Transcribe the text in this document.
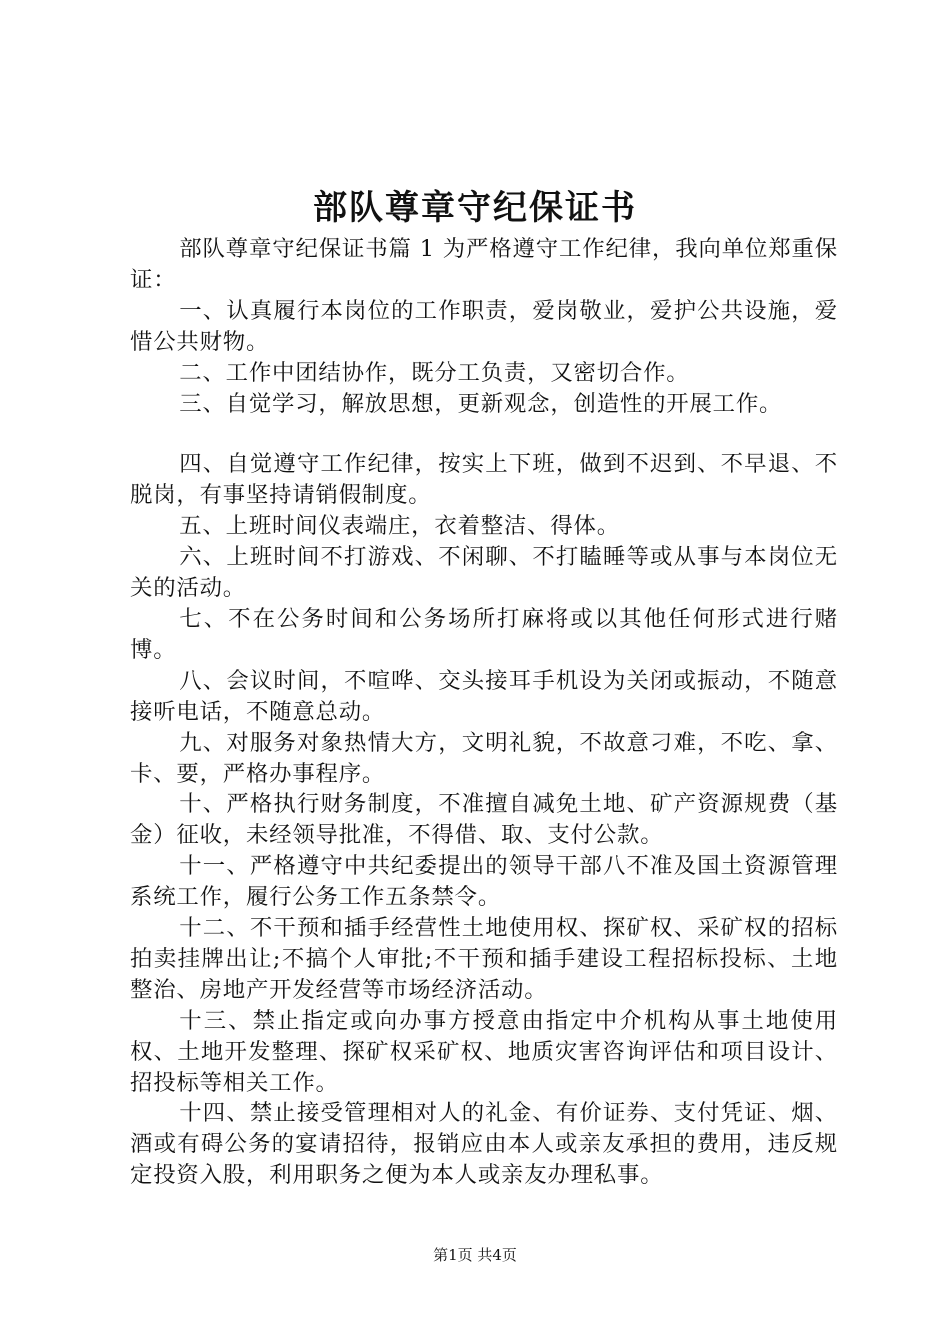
部队尊章守纪保证书

部队尊章守纪保证书篇 1 为严格遵守工作纪律，我向单位郑重保证：

一、认真履行本岗位的工作职责，爱岗敬业，爱护公共设施，爱惜公共财物。

二、工作中团结协作，既分工负责，又密切合作。

三、自觉学习，解放思想，更新观念，创造性的开展工作。

四、自觉遵守工作纪律，按实上下班，做到不迟到、不早退、不脱岗，有事坚持请销假制度。

五、上班时间仪表端庄，衣着整洁、得体。

六、上班时间不打游戏、不闲聊、不打瞌睡等或从事与本岗位无关的活动。

七、不在公务时间和公务场所打麻将或以其他任何形式进行赌博。

八、会议时间，不喧哗、交头接耳手机设为关闭或振动，不随意接听电话，不随意总动。

九、对服务对象热情大方，文明礼貌，不故意刁难，不吃、拿、卡、要，严格办事程序。

十、严格执行财务制度，不准擅自减免土地、矿产资源规费（基金）征收，未经领导批准，不得借、取、支付公款。

十一、严格遵守中共纪委提出的领导干部八不准及国土资源管理系统工作，履行公务工作五条禁令。

十二、不干预和插手经营性土地使用权、探矿权、采矿权的招标拍卖挂牌出让;不搞个人审批;不干预和插手建设工程招标投标、土地整治、房地产开发经营等市场经济活动。

十三、禁止指定或向办事方授意由指定中介机构从事土地使用权、土地开发整理、探矿权采矿权、地质灾害咨询评估和项目设计、招投标等相关工作。

十四、禁止接受管理相对人的礼金、有价证券、支付凭证、烟、酒或有碍公务的宴请招待，报销应由本人或亲友承担的费用，违反规定投资入股，利用职务之便为本人或亲友办理私事。

第1页 共4页
